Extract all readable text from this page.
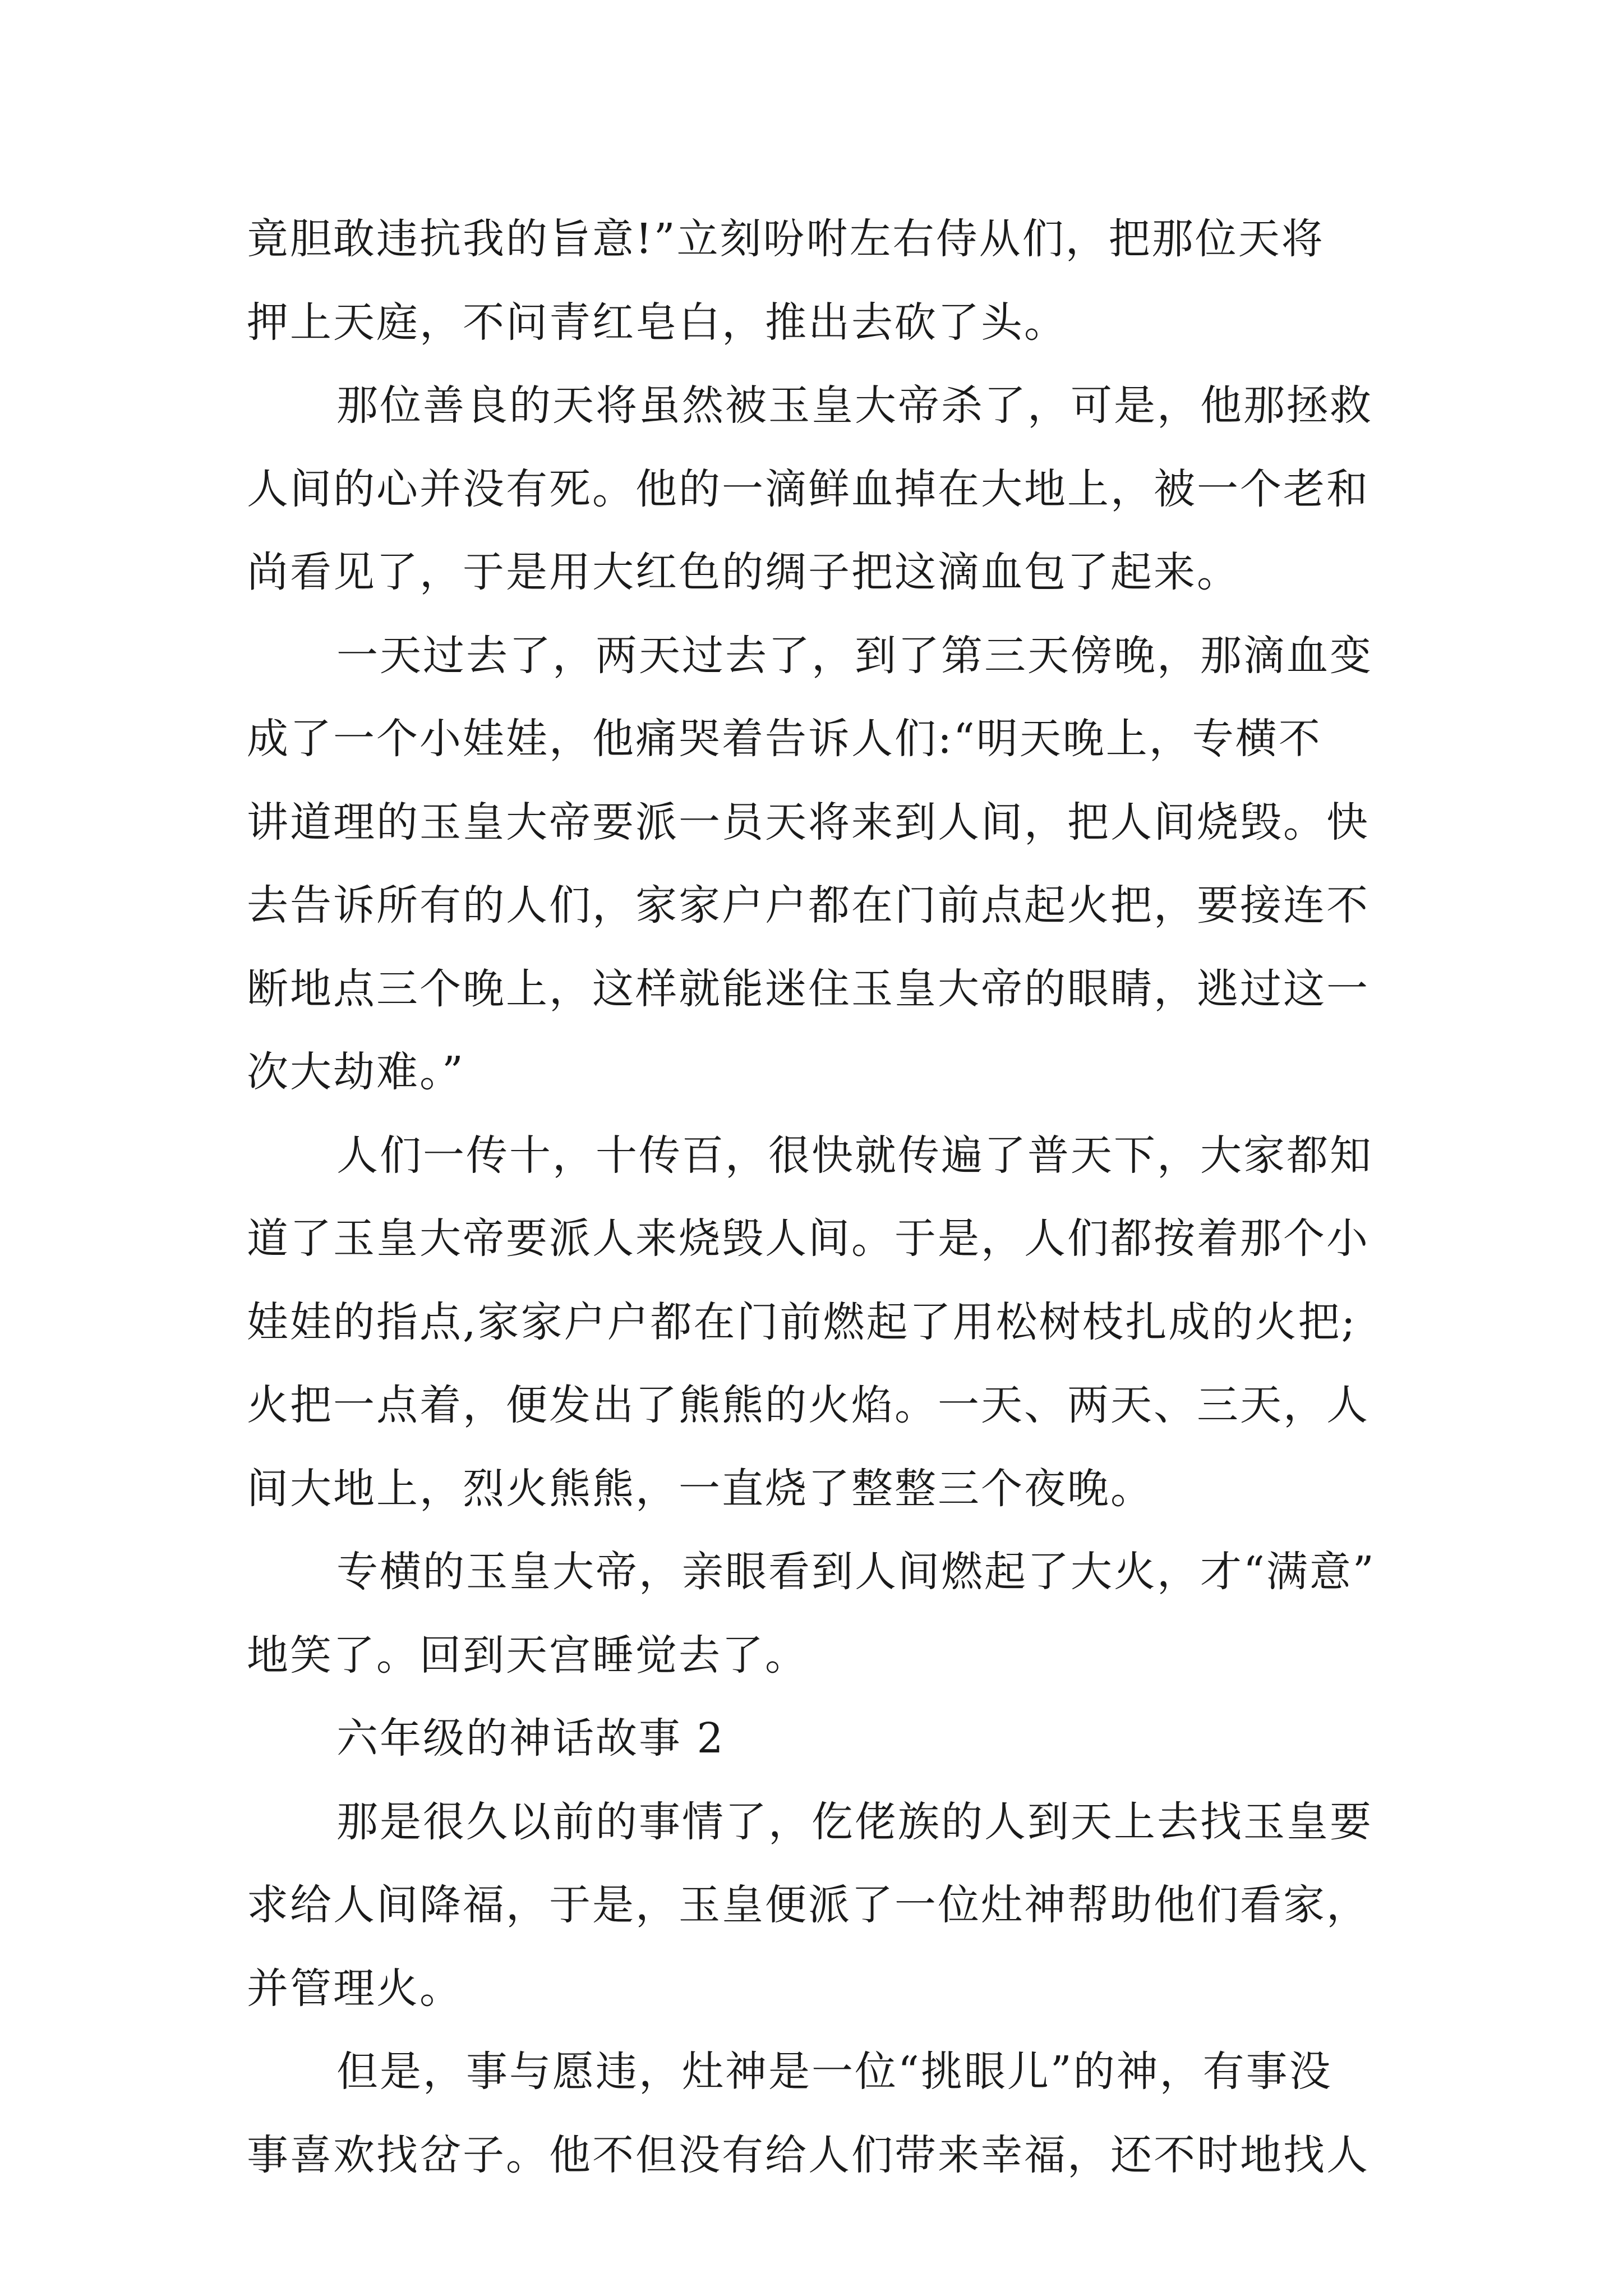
竟胆敢违抗我的旨意!”立刻吩咐左右侍从们，把那位天将
押上天庭，不问青红皂白，推出去砍了头。
那位善良的天将虽然被玉皇大帝杀了，可是，他那拯救
人间的心并没有死。他的一滴鲜血掉在大地上，被一个老和
尚看见了，于是用大红色的绸子把这滴血包了起来。
一天过去了，两天过去了，到了第三天傍晚，那滴血变
成了一个小娃娃，他痛哭着告诉人们:“明天晚上，专横不
讲道理的玉皇大帝要派一员天将来到人间，把人间烧毁。快
去告诉所有的人们，家家户户都在门前点起火把，要接连不
断地点三个晚上，这样就能迷住玉皇大帝的眼睛，逃过这一
次大劫难。”
人们一传十，十传百，很快就传遍了普天下，大家都知
道了玉皇大帝要派人来烧毁人间。于是，人们都按着那个小
娃娃的指点,家家户户都在门前燃起了用松树枝扎成的火把;
火把一点着，便发出了熊熊的火焰。一天、两天、三天，人
间大地上，烈火熊熊，一直烧了整整三个夜晚。
专横的玉皇大帝，亲眼看到人间燃起了大火，才“满意”
地笑了。回到天宫睡觉去了。
六年级的神话故事 2
那是很久以前的事情了，仡佬族的人到天上去找玉皇要
求给人间降福，于是，玉皇便派了一位灶神帮助他们看家，
并管理火。
但是，事与愿违，灶神是一位“挑眼儿”的神，有事没
事喜欢找岔子。他不但没有给人们带来幸福，还不时地找人
